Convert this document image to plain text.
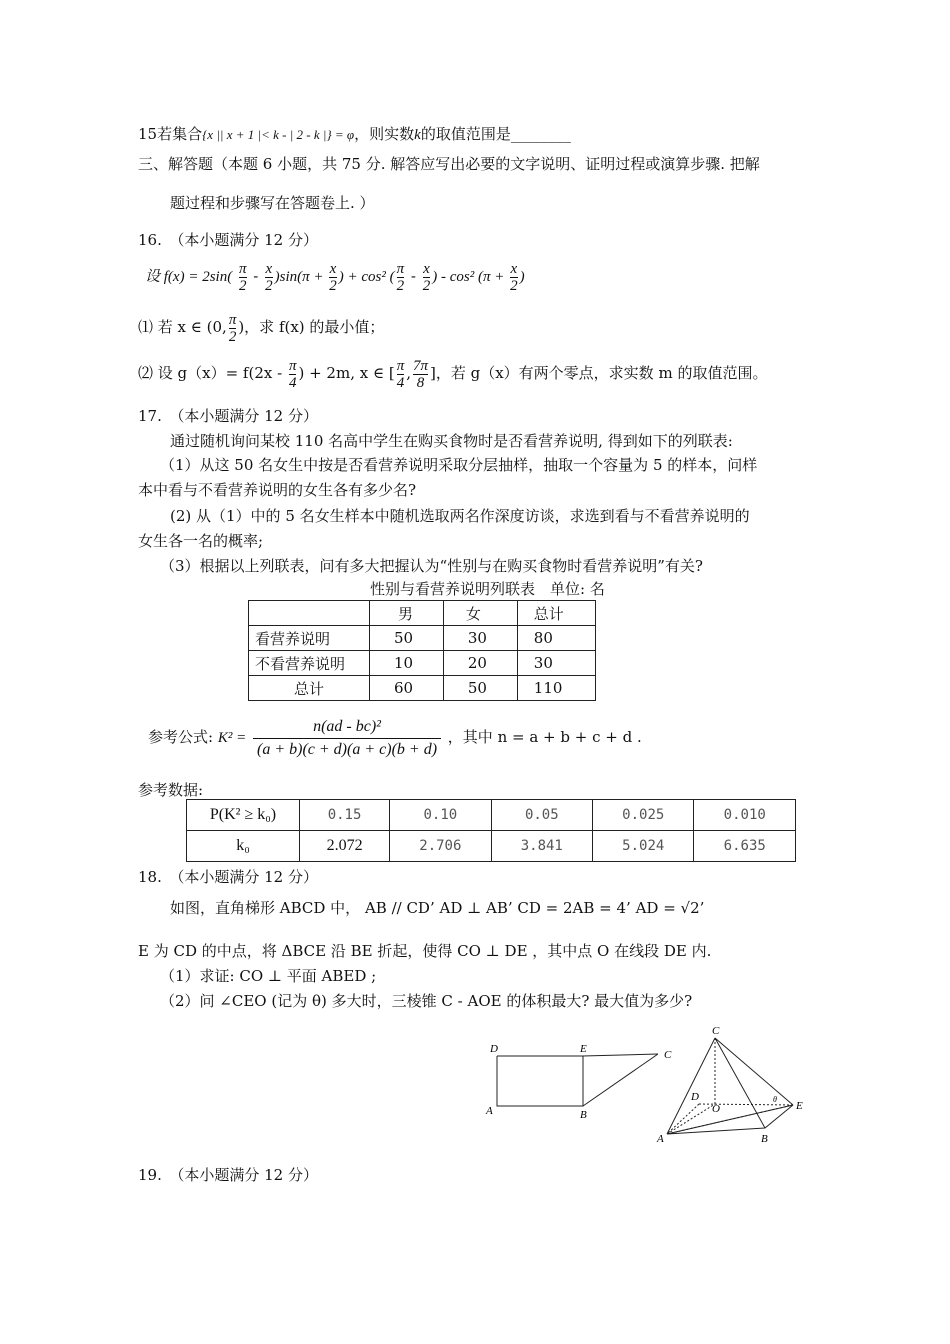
15若集合{x || x + 1 |< k - | 2 - k |} = φ，则实数k的取值范围是________
三、解答题（本题 6 小题，共 75 分. 解答应写出必要的文字说明、证明过程或演算步骤. 把解
题过程和步骤写在答题卷上. ）
16.　（本小题满分 12 分）
设 $f(x) = 2\sin( \frac{\pi}{2} - \frac{x}{2} )\sin(\pi + \frac{x}{2}$ ) + cos² ( $\frac{\pi}{2} - \frac{x}{2}$ ) - cos² ($\pi + \frac{x}{2}$ )
⑴ 若 x ∈ (0, $\frac{\pi}{2}$ )，求 f(x) 的最小值；
⑵ 设 $g(x)= f(2x - \frac{\pi}{4}$ ) + 2m, x ∈ [ $\frac{\pi}{4}$ , $\frac{7\pi}{8}$ ]，若 g（x）有两个零点，求实数 m 的取值范围。
17.　（本小题满分 12 分）
通过随机询问某校 110 名高中学生在购买食物时是否看营养说明, 得到如下的列联表:
（1）从这 50 名女生中按是否看营养说明采取分层抽样，抽取一个容量为 5 的样本，问样
本中看与不看营养说明的女生各有多少名?
(2) 从（1）中的 5 名女生样本中随机选取两名作深度访谈，求选到看与不看营养说明的
女生各一名的概率;
（3）根据以上列联表，问有多大把握认为“性别与在购买食物时看营养说明”有关?
性别与看营养说明列联表　单位: 名
	男	女	总计
看营养说明	50	30	80
不看营养说明	10	20	30
总计	60	50	110
参考公式: $K^2 = \frac{\text{n(ad - bc)²}}{(a + b)(c + d)(a + c)(b + d)}$ ，其中 n = a + b + c + d .
参考数据:
P(K² ≥ k₀)	0.15	0.10	0.05	0.025	0.010
k₀	2.072	2.706	3.841	5.024	6.635
18.　（本小题满分 12 分）
如图，直角梯形 ABCD 中， AB // CD’ AD ⊥ AB’ CD = 2AB = 4’ AD = √2’
E 为 CD 的中点，将 ΔBCE 沿 BE 折起，使得 CO ⊥ DE ，其中点 O 在线段 DE 内.
（1）求证: CO ⊥ 平面 ABED ;
（2）问 ∠CEO (记为 θ) 多大时，三棱锥 C - AOE 的体积最大? 最大值为多少?
D	E	C
A	B
C
D
O
θ
E
A	B
19.　（本小题满分 12 分）
